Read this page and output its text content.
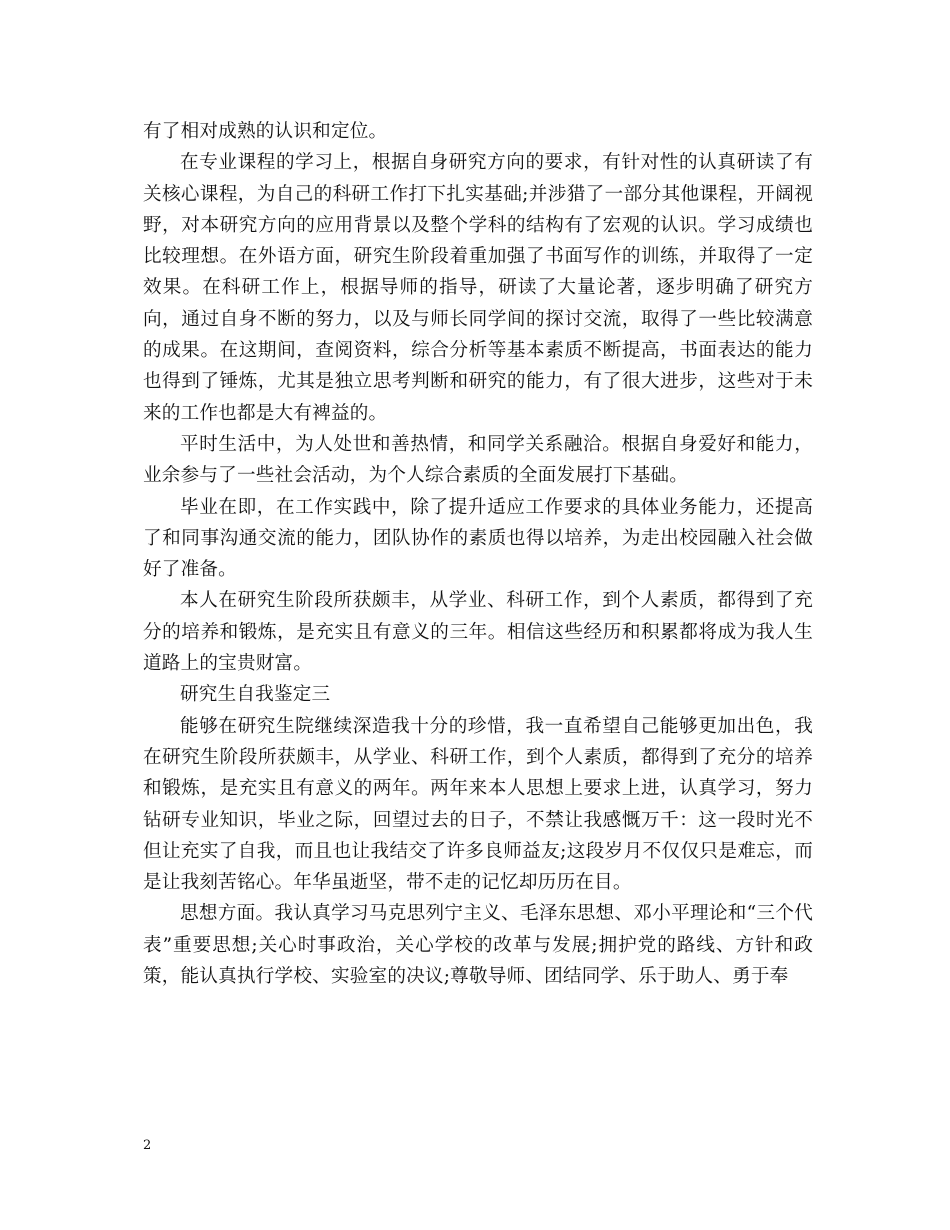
有了相对成熟的认识和定位。

在专业课程的学习上，根据自身研究方向的要求，有针对性的认真研读了有关核心课程，为自己的科研工作打下扎实基础;并涉猎了一部分其他课程，开阔视野，对本研究方向的应用背景以及整个学科的结构有了宏观的认识。学习成绩也比较理想。在外语方面，研究生阶段着重加强了书面写作的训练，并取得了一定效果。在科研工作上，根据导师的指导，研读了大量论著，逐步明确了研究方向，通过自身不断的努力，以及与师长同学间的探讨交流，取得了一些比较满意的成果。在这期间，查阅资料，综合分析等基本素质不断提高，书面表达的能力也得到了锤炼，尤其是独立思考判断和研究的能力，有了很大进步，这些对于未来的工作也都是大有裨益的。

平时生活中，为人处世和善热情，和同学关系融洽。根据自身爱好和能力，业余参与了一些社会活动，为个人综合素质的全面发展打下基础。

毕业在即，在工作实践中，除了提升适应工作要求的具体业务能力，还提高了和同事沟通交流的能力，团队协作的素质也得以培养，为走出校园融入社会做好了准备。

本人在研究生阶段所获颇丰，从学业、科研工作，到个人素质，都得到了充分的培养和锻炼，是充实且有意义的三年。相信这些经历和积累都将成为我人生道路上的宝贵财富。

研究生自我鉴定三

能够在研究生院继续深造我十分的珍惜，我一直希望自己能够更加出色，我在研究生阶段所获颇丰，从学业、科研工作，到个人素质，都得到了充分的培养和锻炼，是充实且有意义的两年。两年来本人思想上要求上进，认真学习，努力钻研专业知识，毕业之际，回望过去的日子，不禁让我感慨万千：这一段时光不但让充实了自我，而且也让我结交了许多良师益友;这段岁月不仅仅只是难忘，而是让我刻苦铭心。年华虽逝坚，带不走的记忆却历历在目。

思想方面。我认真学习马克思列宁主义、毛泽东思想、邓小平理论和“三个代表”重要思想;关心时事政治，关心学校的改革与发展;拥护党的路线、方针和政策，能认真执行学校、实验室的决议;尊敬导师、团结同学、乐于助人、勇于奉

2
